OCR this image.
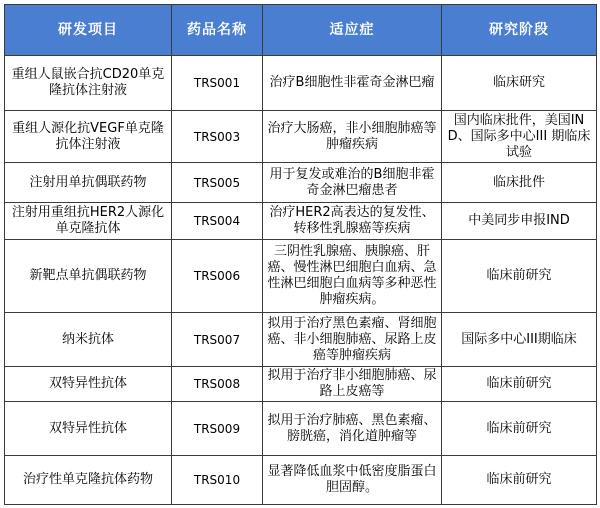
研发项目	药品名称	适应症	研究阶段
重组人鼠嵌合抗CD20单克隆抗体注射液	TRS001	治疗B细胞性非霍奇金淋巴瘤	临床研究
重组人源化抗VEGF单克隆抗体注射液	TRS003	治疗大肠癌，非小细胞肺癌等肿瘤疾病	国内临床批件，美国IND、国际多中心III 期临床试验
注射用单抗偶联药物	TRS005	用于复发或难治的B细胞非霍奇金淋巴瘤患者	临床批件
注射用重组抗HER2人源化单克隆抗体	TRS004	治疗HER2高表达的复发性、转移性乳腺癌等疾病	中美同步申报IND
新靶点单抗偶联药物	TRS006	三阴性乳腺癌、胰腺癌、肝癌、慢性淋巴细胞白血病、急性淋巴细胞白血病等多种恶性肿瘤疾病。	临床前研究
纳米抗体	TRS007	拟用于治疗黑色素瘤、肾细胞癌、非小细胞肺癌、尿路上皮癌等肿瘤疾病	国际多中心III期临床
双特异性抗体	TRS008	拟用于治疗非小细胞肺癌、尿路上皮癌等	临床前研究
双特异性抗体	TRS009	拟用于治疗肺癌、黑色素瘤、膀胱癌，消化道肿瘤等	临床前研究
治疗性单克隆抗体药物	TRS010	显著降低血浆中低密度脂蛋白胆固醇。	临床前研究
